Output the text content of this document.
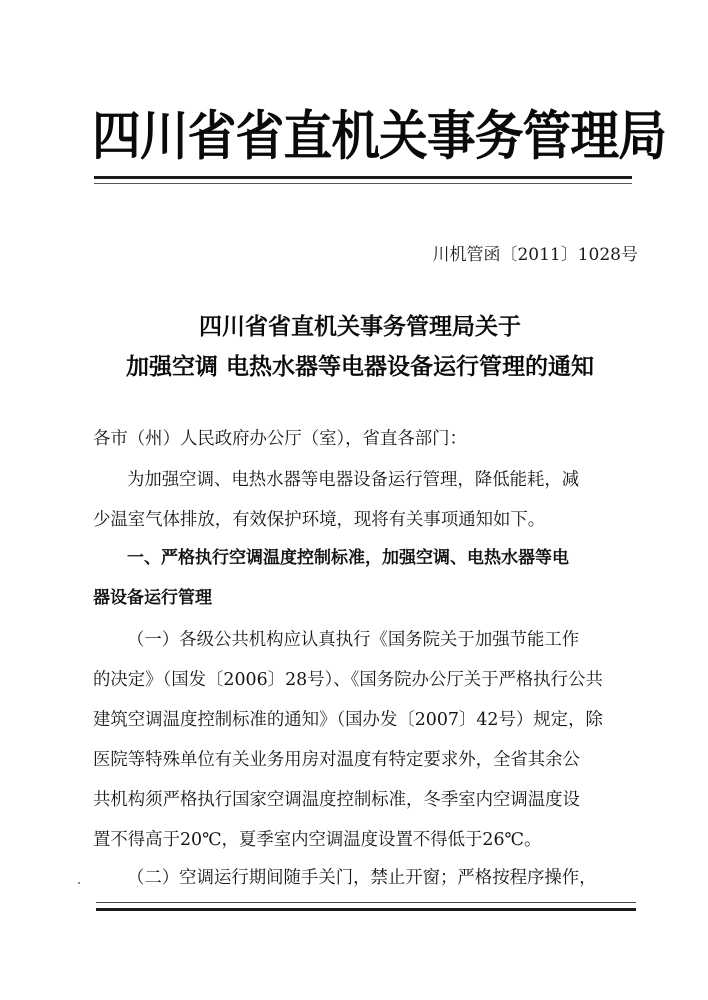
四川省省直机关事务管理局
川机管函〔2011〕1028号
四川省省直机关事务管理局关于
加强空调 电热水器等电器设备运行管理的通知
各市（州）人民政府办公厅（室），省直各部门：
为加强空调、电热水器等电器设备运行管理，降低能耗，减
少温室气体排放，有效保护环境，现将有关事项通知如下。
一、严格执行空调温度控制标准，加强空调、电热水器等电
器设备运行管理
（一）各级公共机构应认真执行《国务院关于加强节能工作
的决定》（国发〔2006〕28号）、《国务院办公厅关于严格执行公共
建筑空调温度控制标准的通知》（国办发〔2007〕42号）规定，除
医院等特殊单位有关业务用房对温度有特定要求外，全省其余公
共机构须严格执行国家空调温度控制标准，冬季室内空调温度设
置不得高于20℃，夏季室内空调温度设置不得低于26℃。
（二）空调运行期间随手关门，禁止开窗；严格按程序操作，
